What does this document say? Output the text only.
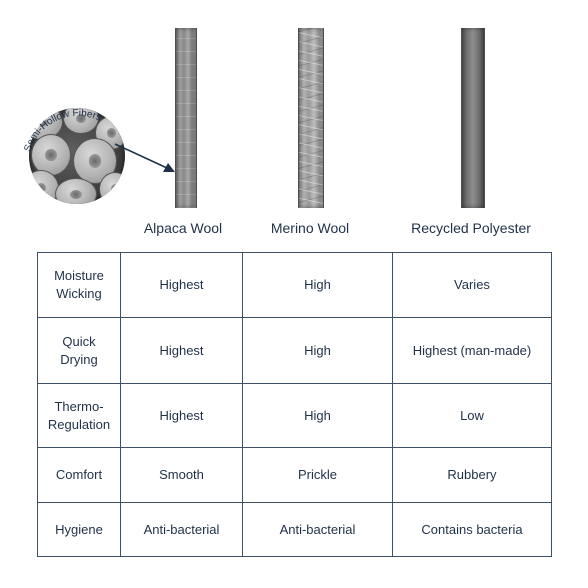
Semi-Hollow Fibers
Alpaca Wool	Merino Wool	Recycled Polyester
Moisture
Wicking	Highest	High	Varies

Quick
Drying	Highest	High	Highest (man-made)

Thermo-
Regulation	Highest	High	Low

Comfort	Smooth	Prickle	Rubbery

Hygiene	Anti-bacterial	Anti-bacterial	Contains bacteria
